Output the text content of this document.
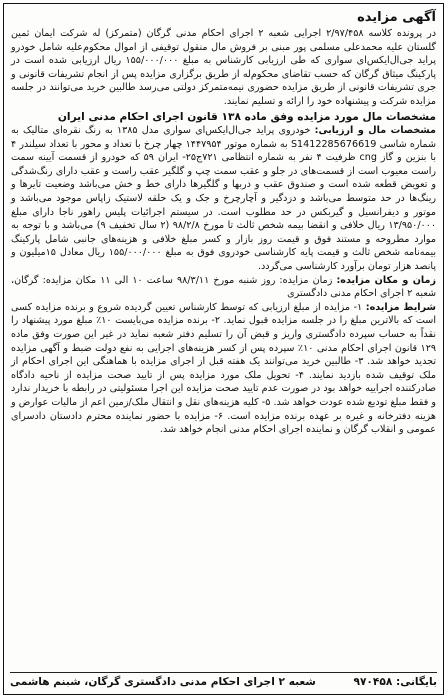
آگهی مزایده

در پرونده کلاسه ۲/۹۷/۴۵۸ اجرایی شعبه ۲ اجرای احکام مدنی گرگان (متمرکز) له شرکت ایمان ثمین گلستان علیه محمدعلی مسلمی پور مبنی بر فروش مال منقول توقیفی از اموال محکوم‌علیه شامل خودرو پراید جی‌ال‌ایکس‌ای سواری که طی ارزیابی کارشناس به مبلغ ۱۵۵/۰۰۰/۰۰۰ ریال ارزیابی شده است در پارکینگ میثاق گرگان که حسب تقاضای محکوم‌له از طریق برگزاری مزایده پس از انجام تشریفات قانونی و جری تشریفات قانونی از طریق مزایده حضوری نیمه‌متمرکز دولتی می‌رسد طالبین خرید می‌توانند در جلسه مزایده شرکت و پیشنهاده خود را ارائه و تسلیم نمایند.

مشخصات مال مورد مزایده وفق ماده ۱۳۸ قانون اجرای احکام مدنی ایران

مشخصات مال و ارزیابی: خودروی پراید جی‌ال‌ایکس‌ای سواری مدل ۱۳۸۵ به رنگ نقره‌ای متالیک به شماره شاسی S1412285676619 به شماره موتور ۱۴۴۷۹۵۴ چهار چرخ با تعداد و محور با تعداد سیلندر ۴ با بنزین و گاز cng ظرفیت ۴ نفر به شماره انتظامی ۷۲۱ج۲۵- ایران ۵۹ که خودرو از قسمت آیینه سمت راست معیوب است از قسمت‌های در جلو و عقب سمت چپ و گلگیر عقب راست و عقب دارای رنگ‌شدگی و تعویض قطعه شده است و صندوق عقب و دربها و گلگیرها دارای خط و خش می‌باشد وضعیت تایرها و رینگ‌ها در حد متوسط می‌باشد و دزدگیر و آچارچرخ و جک و یک حلقه لاستیک زاپاس موجود می‌باشد و موتور و دیفرانسیل و گیربکس در حد مطلوب است. در سیستم اجرائیات پلیس راهور ناجا دارای مبلغ ۱۳/۹۵۰/۰۰۰ ریال خلافی و انقضا بیمه شخص ثالث تا مورخ ۹۸/۲/۸ (۲ سال تخفیف ۹) می‌باشد و با توجه به موارد مطروحه و مستند فوق و قیمت روز بازار و کسر مبلغ خلافی و هزینه‌های جانبی شامل پارکینگ بیمه‌نامه شخص ثالث و قیمت پایه کارشناسی خودروی فوق به مبلغ ۱۵۵/۰۰۰/۰۰۰ ریال معادل ۱۵میلیون و پانصد هزار تومان برآورد کارشناسی می‌گردد.

زمان و مکان مزایده: زمان مزایده: روز شنبه مورخ ۹۸/۳/۱۱ ساعت ۱۰ الی ۱۱ مکان مزایده: گرگان، شعبه ۲ اجرای احکام مدنی دادگستری

شرایط مزایده: ۱- مزایده از مبلغ ارزیابی که توسط کارشناس تعیین گردیده شروع و برنده مزایده کسی است که بالاترین مبلغ را در جلسه مزایده قبول نماید. ۲- برنده مزایده می‌بایست ۱۰٪ مبلغ مورد پیشنهاد را نقداً به حساب سپرده دادگستری واریز و قبض آن را تسلیم دفتر شعبه نماید در غیر این صورت وفق ماده ۱۲۹ قانون اجرای احکام مدنی ۱۰٪ سپرده پس از کسر هزینه‌های اجرایی به نفع دولت ضبط و آگهی مزایده تجدید خواهد شد. ۳- طالبین خرید می‌توانند یک هفته قبل از اجرای مزایده با هماهنگی این اجرای احکام از ملک توقیف شده بازدید نمایند. ۴- تحویل ملک مورد مزایده پس از تایید صحت مزایده از ناحیه دادگاه صادرکننده اجراییه خواهد بود در صورت عدم تایید صحت مزایده این اجرا مسئولیتی در رابطه با خریدار ندارد و فقط مبلغ تودیع شده عودت خواهد شد. ۵- کلیه هزینه‌های نقل و انتقال ملک/زمین اعم از مالیات عوارض و هزینه دفترخانه و غیره بر عهده برنده مزایده است. ۶- مزایده با حضور نماینده محترم دادستان دادسرای عمومی و انقلاب گرگان و نماینده اجرای احکام مدنی انجام خواهد شد.

بایگانی: ۹۷۰۴۵۸
شعبه ۲ اجرای احکام مدنی دادگستری گرگان، شبنم هاشمی
